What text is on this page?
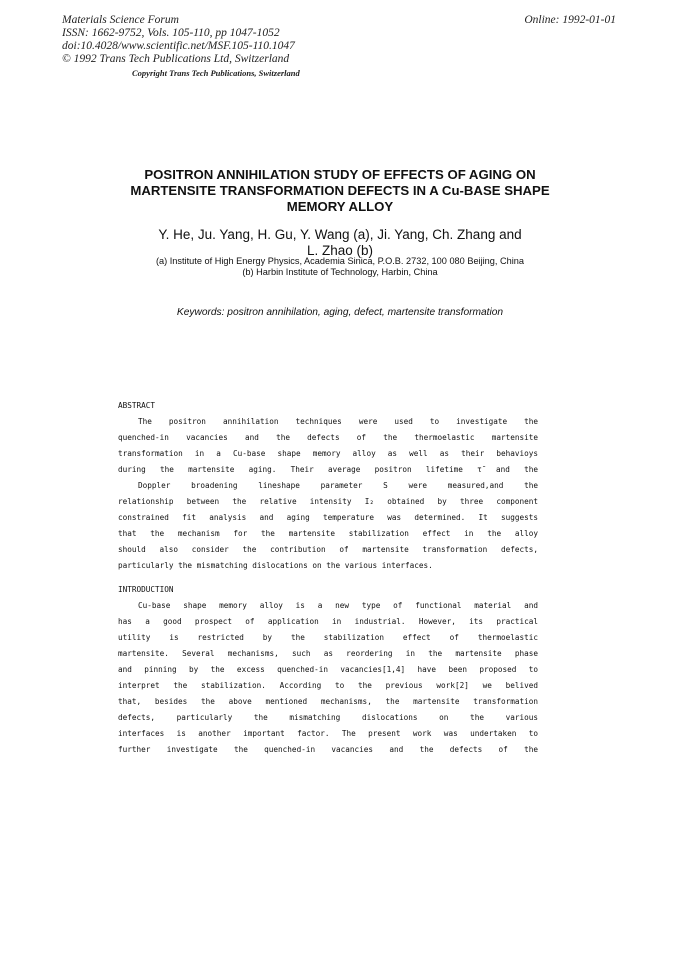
Materials Science Forum
ISSN: 1662-9752, Vols. 105-110, pp 1047-1052
doi:10.4028/www.scientific.net/MSF.105-110.1047
© 1992 Trans Tech Publications Ltd, Switzerland
Online: 1992-01-01
Copyright Trans Tech Publications, Switzerland
POSITRON ANNIHILATION STUDY OF EFFECTS OF AGING ON
MARTENSITE TRANSFORMATION DEFECTS IN A Cu-BASE SHAPE
MEMORY ALLOY
Y. He, Ju. Yang, H. Gu, Y. Wang (a), Ji. Yang, Ch. Zhang and
L. Zhao (b)
(a) Institute of High Energy Physics, Academia Sinica, P.O.B. 2732, 100 080 Beijing, China
(b) Harbin Institute of Technology, Harbin, China
Keywords: positron annihilation, aging, defect, martensite transformation
ABSTRACT
The positron annihilation techniques were used to investigate the
quenched-in vacancies and the defects of the thermoelastic martensite
transformation in a Cu-base shape memory alloy as well as their behavioys
during the martensite aging. Their average positron lifetime τ̄ and the
Doppler broadening lineshape parameter S were measured,and the
relationship between the relative intensity I₂ obtained by three component
constrained fit analysis and aging temperature was determined. It suggests
that the mechanism for the martensite stabilization effect in the alloy
should also consider the contribution of martensite transformation defects,
particularly the mismatching dislocations on the various interfaces.
INTRODUCTION
Cu-base shape memory alloy is a new type of functional material and
has a good prospect of application in industrial. However, its practical
utility is restricted by the stabilization effect of thermoelastic
martensite. Several mechanisms, such as reordering in the martensite phase
and pinning by the excess quenched-in vacancies[1,4] have been proposed to
interpret the stabilization. According to the previous work[2] we belived
that, besides the above mentioned mechanisms, the martensite transformation
defects, particularly the mismatching dislocations on the various
interfaces is another important factor. The present work was undertaken to
further investigate the quenched-in vacancies and the defects of the
